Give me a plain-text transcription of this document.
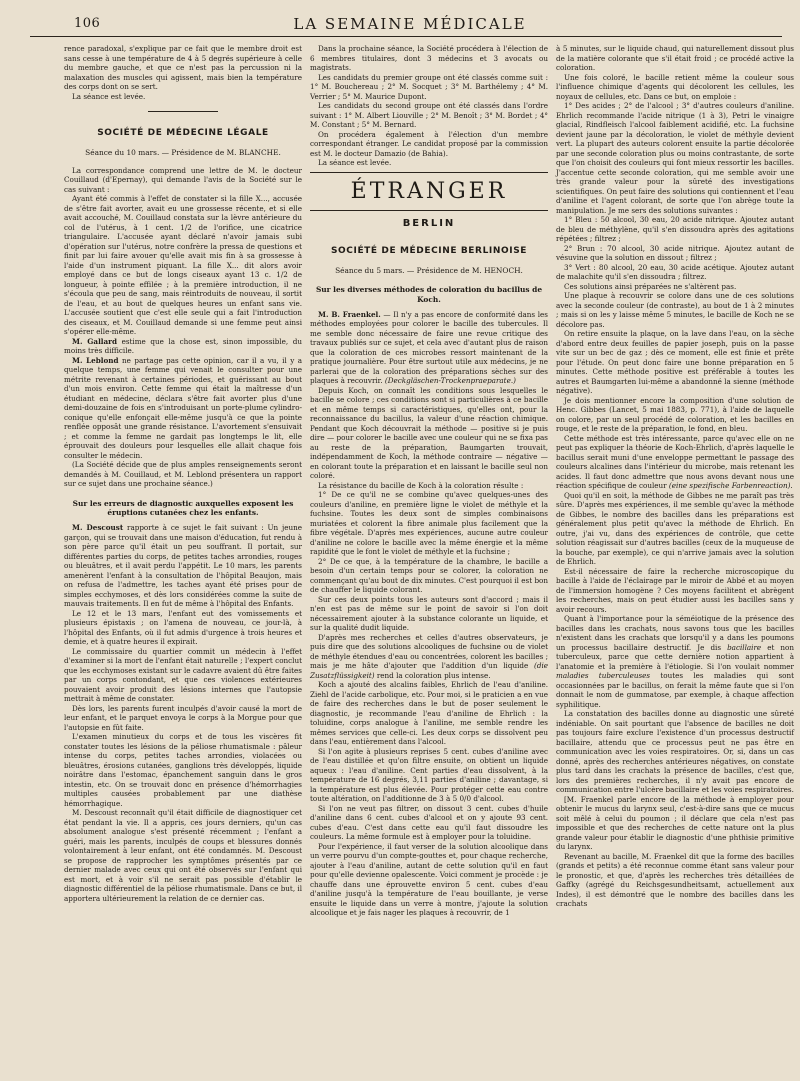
106	LA SEMAINE MÉDICALE

rence paradoxal, s'explique par ce fait que le membre droit est sans cesse à une température de 4 à 5 degrés supérieure à celle du membre gauche, et que ce n'est pas la percussion ni la malaxation des muscles qui agissent, mais bien la température des corps dont on se sert.

La séance est levée.

SOCIÉTÉ DE MÉDECINE LÉGALE
Séance du 10 mars. — Présidence de M. BLANCHE.

La correspondance comprend une lettre de M. le docteur Couillaud (d'Epernay), qui demande l'avis de la Société sur le cas suivant :

Ayant été commis à l'effet de constater si la fille X..., accusée de s'être fait avorter, avait eu une grossesse récente, et si elle avait accouché, M. Couillaud constata sur la lèvre antérieure du col de l'utérus, à 1 cent. 1/2 de l'orifice, une cicatrice triangulaire. L'accusée ayant déclaré n'avoir jamais subi d'opération sur l'utérus, notre confrère la pressa de questions et finit par lui faire avouer qu'elle avait mis fin à sa grossesse à l'aide d'un instrument piquant. La fille X... dit alors avoir employé dans ce but de longs ciseaux ayant 13 c. 1/2 de longueur, à pointe effilée ; à la première introduction, il ne s'écoula que peu de sang, mais réintroduits de nouveau, il sortit de l'eau, et au bout de quelques heures un enfant sans vie. L'accusée soutient que c'est elle seule qui a fait l'introduction des ciseaux, et M. Couillaud demande si une femme peut ainsi s'opérer elle-même.

M. Gallard estime que la chose est, sinon impossible, du moins très difficile.

M. Leblond ne partage pas cette opinion, car il a vu, il y a quelque temps, une femme qui venait le consulter pour une métrite revenant à certaines périodes, et guérissant au bout d'un mois environ. Cette femme qui était la maîtresse d'un étudiant en médecine, déclara s'être fait avorter plus d'une demi-douzaine de fois en s'introduisant un porte-plume cylindro-conique qu'elle enfonçait elle-même jusqu'à ce que la pointe renflée opposât une grande résistance. L'avortement s'ensuivait ; et comme la femme ne gardait pas longtemps le lit, elle éprouvait des douleurs pour lesquelles elle allait chaque fois consulter le médecin.

(La Société décide que de plus amples renseignements seront demandés à M. Couillaud, et M. Leblond présentera un rapport sur ce sujet dans une prochaine séance.)

Sur les erreurs de diagnostic auxquelles exposent les éruptions cutanées chez les enfants.

M. Descoust rapporte à ce sujet le fait suivant : Un jeune garçon, qui se trouvait dans une maison d'éducation, fut rendu à son père parce qu'il était un peu souffrant. Il portait, sur différentes parties du corps, de petites taches arrondies, rouges ou bleuâtres, et il avait perdu l'appétit. Le 10 mars, les parents amenèrent l'enfant à la consultation de l'hôpital Beaujon, mais on refusa de l'admettre, les taches ayant été prises pour de simples ecchymoses, et dès lors considérées comme la suite de mauvais traitements. Il en fut de même à l'hôpital des Enfants.

Le 12 et le 13 mars, l'enfant eut des vomissements et plusieurs épistaxis ; on l'amena de nouveau, ce jour-là, à l'hôpital des Enfants, où il fut admis d'urgence à trois heures et demie, et à quatre heures il expirait.

Le commissaire du quartier commit un médecin à l'effet d'examiner si la mort de l'enfant était naturelle ; l'expert conclut que les ecchymoses existant sur le cadavre avaient dû être faites par un corps contondant, et que ces violences extérieures pouvaient avoir produit des lésions internes que l'autopsie mettrait à même de constater.

Dès lors, les parents furent inculpés d'avoir causé la mort de leur enfant, et le parquet envoya le corps à la Morgue pour que l'autopsie en fût faite.

L'examen minutieux du corps et de tous les viscères fit constater toutes les lésions de la péliose rhumatismale : pâleur intense du corps, petites taches arrondies, violacées ou bleuâtres, érosions cutanées, ganglions très développés, liquide noirâtre dans l'estomac, épanchement sanguin dans le gros intestin, etc. On se trouvait donc en présence d'hémorrhagies multiples causées probablement par une diathèse hémorrhagique.

M. Descoust reconnaît qu'il était difficile de diagnostiquer cet état pendant la vie. Il a appris, ces jours derniers, qu'un cas absolument analogue s'est présenté récemment ; l'enfant a guéri, mais les parents, inculpés de coups et blessures donnés volontairement à leur enfant, ont été condamnés. M. Descoust se propose de rapprocher les symptômes présentés par ce dernier malade avec ceux qui ont été observés sur l'enfant qui est mort, et à voir s'il ne serait pas possible d'établir le diagnostic différentiel de la péliose rhumatismale. Dans ce but, il apportera ultérieurement la relation de ce dernier cas.

Dans la prochaine séance, la Société procédera à l'élection de 6 membres titulaires, dont 3 médecins et 3 avocats ou magistrats.

Les candidats du premier groupe ont été classés comme suit : 1° M. Bouchereau ; 2° M. Socquet ; 3° M. Barthélemy ; 4° M. Verrier ; 5° M. Maurice Dupont.

Les candidats du second groupe ont été classés dans l'ordre suivant : 1° M. Albert Liouville ; 2° M. Benoît ; 3° M. Bordet ; 4° M. Constant ; 5° M. Bernard.

On procédera également à l'élection d'un membre correspondant étranger. Le candidat proposé par la commission est M. le docteur Damazio (de Bahia).

La séance est levée.

ÉTRANGER
BERLIN
SOCIÉTÉ DE MÉDECINE BERLINOISE
Séance du 5 mars. — Présidence de M. HENOCH.
Sur les diverses méthodes de coloration du bacillus de Koch.

M. B. Fraenkel. — Il n'y a pas encore de conformité dans les méthodes employées pour colorer le bacille des tubercules. Il me semble donc nécessaire de faire une revue critique des travaux publiés sur ce sujet, et cela avec d'autant plus de raison que la coloration de ces microbes ressort maintenant de la pratique journalière. Pour être surtout utile aux médecins, je ne parlerai que de la coloration des préparations sèches sur des plaques à recouvrir. (Deckgläschen-Trockenpraeparate.)

Depuis Koch, on connaît les conditions sous lesquelles le bacille se colore ; ces conditions sont si particulières à ce bacille et en même temps si caractéristiques, qu'elles ont, pour la reconnaissance du bacillus, la valeur d'une réaction chimique. Pendant que Koch découvrait la méthode — positive si je puis dire — pour colorer le bacille avec une couleur qui ne se fixa pas au reste de la préparation, Baumgarten trouvait, indépendamment de Koch, la méthode contraire — négative — en colorant toute la préparation et en laissant le bacille seul non coloré.

La résistance du bacille de Koch à la coloration résulte :

1° De ce qu'il ne se combine qu'avec quelques-unes des couleurs d'aniline, en première ligne le violet de méthyle et la fuchsine. Toutes les deux sont de simples combinaisons muriatées et colorent la fibre animale plus facilement que la fibre végétale. D'après mes expériences, aucune autre couleur d'aniline ne colore le bacille avec la même énergie et la même rapidité que le font le violet de méthyle et la fuchsine ;

2° De ce que, à la température de la chambre, le bacille a besoin d'un certain temps pour se colorer, la coloration ne commençant qu'au bout de dix minutes. C'est pourquoi il est bon de chauffer le liquide colorant.

Sur ces deux points tous les auteurs sont d'accord ; mais il n'en est pas de même sur le point de savoir si l'on doit nécessairement ajouter à la substance colorante un liquide, et sur la qualité dudit liquide.

D'après mes recherches et celles d'autres observateurs, je puis dire que des solutions alcooliques de fuchsine ou de violet de méthyle étendues d'eau ou concentrées, colorent les bacilles ; mais je me hâte d'ajouter que l'addition d'un liquide (die Zusatzflüssigkeit) rend la coloration plus intense.

Koch a ajouté des alcalins faibles, Ehrlich de l'eau d'aniline. Ziehl de l'acide carbolique, etc. Pour moi, si le praticien a en vue de faire des recherches dans le but de poser seulement le diagnostic, je recommande l'eau d'aniline de Ehrlich : la toluidine, corps analogue à l'aniline, me semble rendre les mêmes services que celle-ci. Les deux corps se dissolvent peu dans l'eau, entièrement dans l'alcool.

Si l'on agite à plusieurs reprises 5 cent. cubes d'aniline avec de l'eau distillée et qu'on filtre ensuite, on obtient un liquide aqueux : l'eau d'aniline. Cent parties d'eau dissolvent, à la température de 16 degrés, 3,11 parties d'aniline ; davantage, si la température est plus élevée. Pour protéger cette eau contre toute altération, on l'additionne de 3 à 5 0/0 d'alcool.

Si l'on ne veut pas filtrer, on dissout 3 cent. cubes d'huile d'aniline dans 6 cent. cubes d'alcool et on y ajoute 93 cent. cubes d'eau. C'est dans cette eau qu'il faut dissoudre les couleurs. La même formule est à employer pour la toluidine.

Pour l'expérience, il faut verser de la solution alcoolique dans un verre pourvu d'un compte-gouttes et, pour chaque recherche, ajouter à l'eau d'aniline, autant de cette solution qu'il en faut pour qu'elle devienne opalescente. Voici comment je procède : je chauffe dans une éprouvette environ 5 cent. cubes d'eau d'aniline jusqu'à la température de l'eau bouillante, je verse ensuite le liquide dans un verre à montre, j'ajoute la solution alcoolique et je fais nager les plaques à recouvrir, de 1

à 5 minutes, sur le liquide chaud, qui naturellement dissout plus de la matière colorante que s'il était froid ; ce procédé active la coloration.

Une fois coloré, le bacille retient même la couleur sous l'influence chimique d'agents qui décolorent les cellules, les noyaux de cellules, etc. Dans ce but, on emploie :

1° Des acides ; 2° de l'alcool ; 3° d'autres couleurs d'aniline. Ehrlich recommande l'acide nitrique (1 à 3), Petri le vinaigre glacial, Rindfleisch l'alcool faiblement acidifié, etc. La fuchsine devient jaune par la décoloration, le violet de méthyle devient vert. La plupart des auteurs colorent ensuite la partie décolorée par une seconde coloration plus ou moins contrastante, de sorte que l'on choisit des couleurs qui font mieux ressortir les bacilles. J'accentue cette seconde coloration, qui me semble avoir une très grande valeur pour la sûreté des investigations scientifiques. On peut faire des solutions qui contiennent et l'eau d'aniline et l'agent colorant, de sorte que l'on abrège toute la manipulation. Je me sers des solutions suivantes :

1° Bleu : 50 alcool, 30 eau, 20 acide nitrique. Ajoutez autant de bleu de méthylène, qu'il s'en dissoudra après des agitations répétées ; filtrez ;

2° Brun : 70 alcool, 30 acide nitrique. Ajoutez autant de vésuvine que la solution en dissout ; filtrez ;

3° Vert : 80 alcool, 20 eau, 30 acide acétique. Ajoutez autant de malachite qu'il s'en dissoudra ; filtrez.

Ces solutions ainsi préparées ne s'altèrent pas.

Une plaque à recouvrir se colore dans une de ces solutions avec la seconde couleur (de contraste), au bout de 1 à 2 minutes ; mais si on les y laisse même 5 minutes, le bacille de Koch ne se décolore pas.

On retire ensuite la plaque, on la lave dans l'eau, on la sèche d'abord entre deux feuilles de papier joseph, puis on la passe vite sur un bec de gaz ; dès ce moment, elle est finie et prête pour l'étude. On peut donc faire une bonne préparation en 5 minutes. Cette méthode positive est préférable à toutes les autres et Baumgarten lui-même a abandonné la sienne (méthode négative).

Je dois mentionner encore la composition d'une solution de Henc. Gibbes (Lancet, 5 mai 1883, p. 771), à l'aide de laquelle on colore, par un seul procédé de coloration, et les bacilles en rouge, et le reste de la préparation, le fond, en bleu.

Cette méthode est très intéressante, parce qu'avec elle on ne peut pas expliquer la théorie de Koch-Ehrlich, d'après laquelle le bacillus serait muni d'une enveloppe permettant le passage des couleurs alcalines dans l'intérieur du microbe, mais retenant les acides. Il faut donc admettre que nous avons devant nous une réaction spécifique de couleur (eine spezifische Farbenreaction).

Quoi qu'il en soit, la méthode de Gibbes ne me paraît pas très sûre. D'après mes expériences, il me semble qu'avec la méthode de Gibbes, le nombre des bacilles dans les préparations est généralement plus petit qu'avec la méthode de Ehrlich. En outre, j'ai vu, dans des expériences de contrôle, que cette solution réagissait sur d'autres bacilles (ceux de la muqueuse de la bouche, par exemple), ce qui n'arrive jamais avec la solution de Ehrlich.

Est-il nécessaire de faire la recherche microscopique du bacille à l'aide de l'éclairage par le miroir de Abbé et au moyen de l'immersion homogène ? Ces moyens facilitent et abrègent les recherches, mais on peut étudier aussi les bacilles sans y avoir recours.

Quant à l'importance pour la séméiotique de la présence des bacilles dans les crachats, nous savons tous que les bacilles n'existent dans les crachats que lorsqu'il y a dans les poumons un processus bacillaire destructif. Je dis bacillaire et non tuberculeux, parce que cette dernière notion appartient à l'anatomie et la première à l'étiologie. Si l'on voulait nommer maladies tuberculeuses toutes les maladies qui sont occasionnées par le bacillus, on ferait la même faute que si l'on donnait le nom de gummatose, par exemple, à chaque affection syphilitique.

La constatation des bacilles donne au diagnostic une sûreté indéniable. On sait pourtant que l'absence de bacilles ne doit pas toujours faire exclure l'existence d'un processus destructif bacillaire, attendu que ce processus peut ne pas être en communication avec les voies respiratoires. Or, si, dans un cas donné, après des recherches antérieures négatives, on constate plus tard dans les crachats la présence de bacilles, c'est que, lors des premières recherches, il n'y avait pas encore de communication entre l'ulcère bacillaire et les voies respiratoires.

[M. Fraenkel parle encore de la méthode à employer pour obtenir le mucus du larynx seul, c'est-à-dire sans que ce mucus soit mêlé à celui du poumon ; il déclare que cela n'est pas impossible et que des recherches de cette nature ont la plus grande valeur pour établir le diagnostic d'une phthisie primitive du larynx.

Revenant au bacille, M. Fraenkel dit que la forme des bacilles (grands et petits) a été reconnue comme étant sans valeur pour le pronostic, et que, d'après les recherches très détaillées de Gaffky (agrégé du Reichsgesundheitsamt, actuellement aux Indes), il est démontré que le nombre des bacilles dans les crachats
